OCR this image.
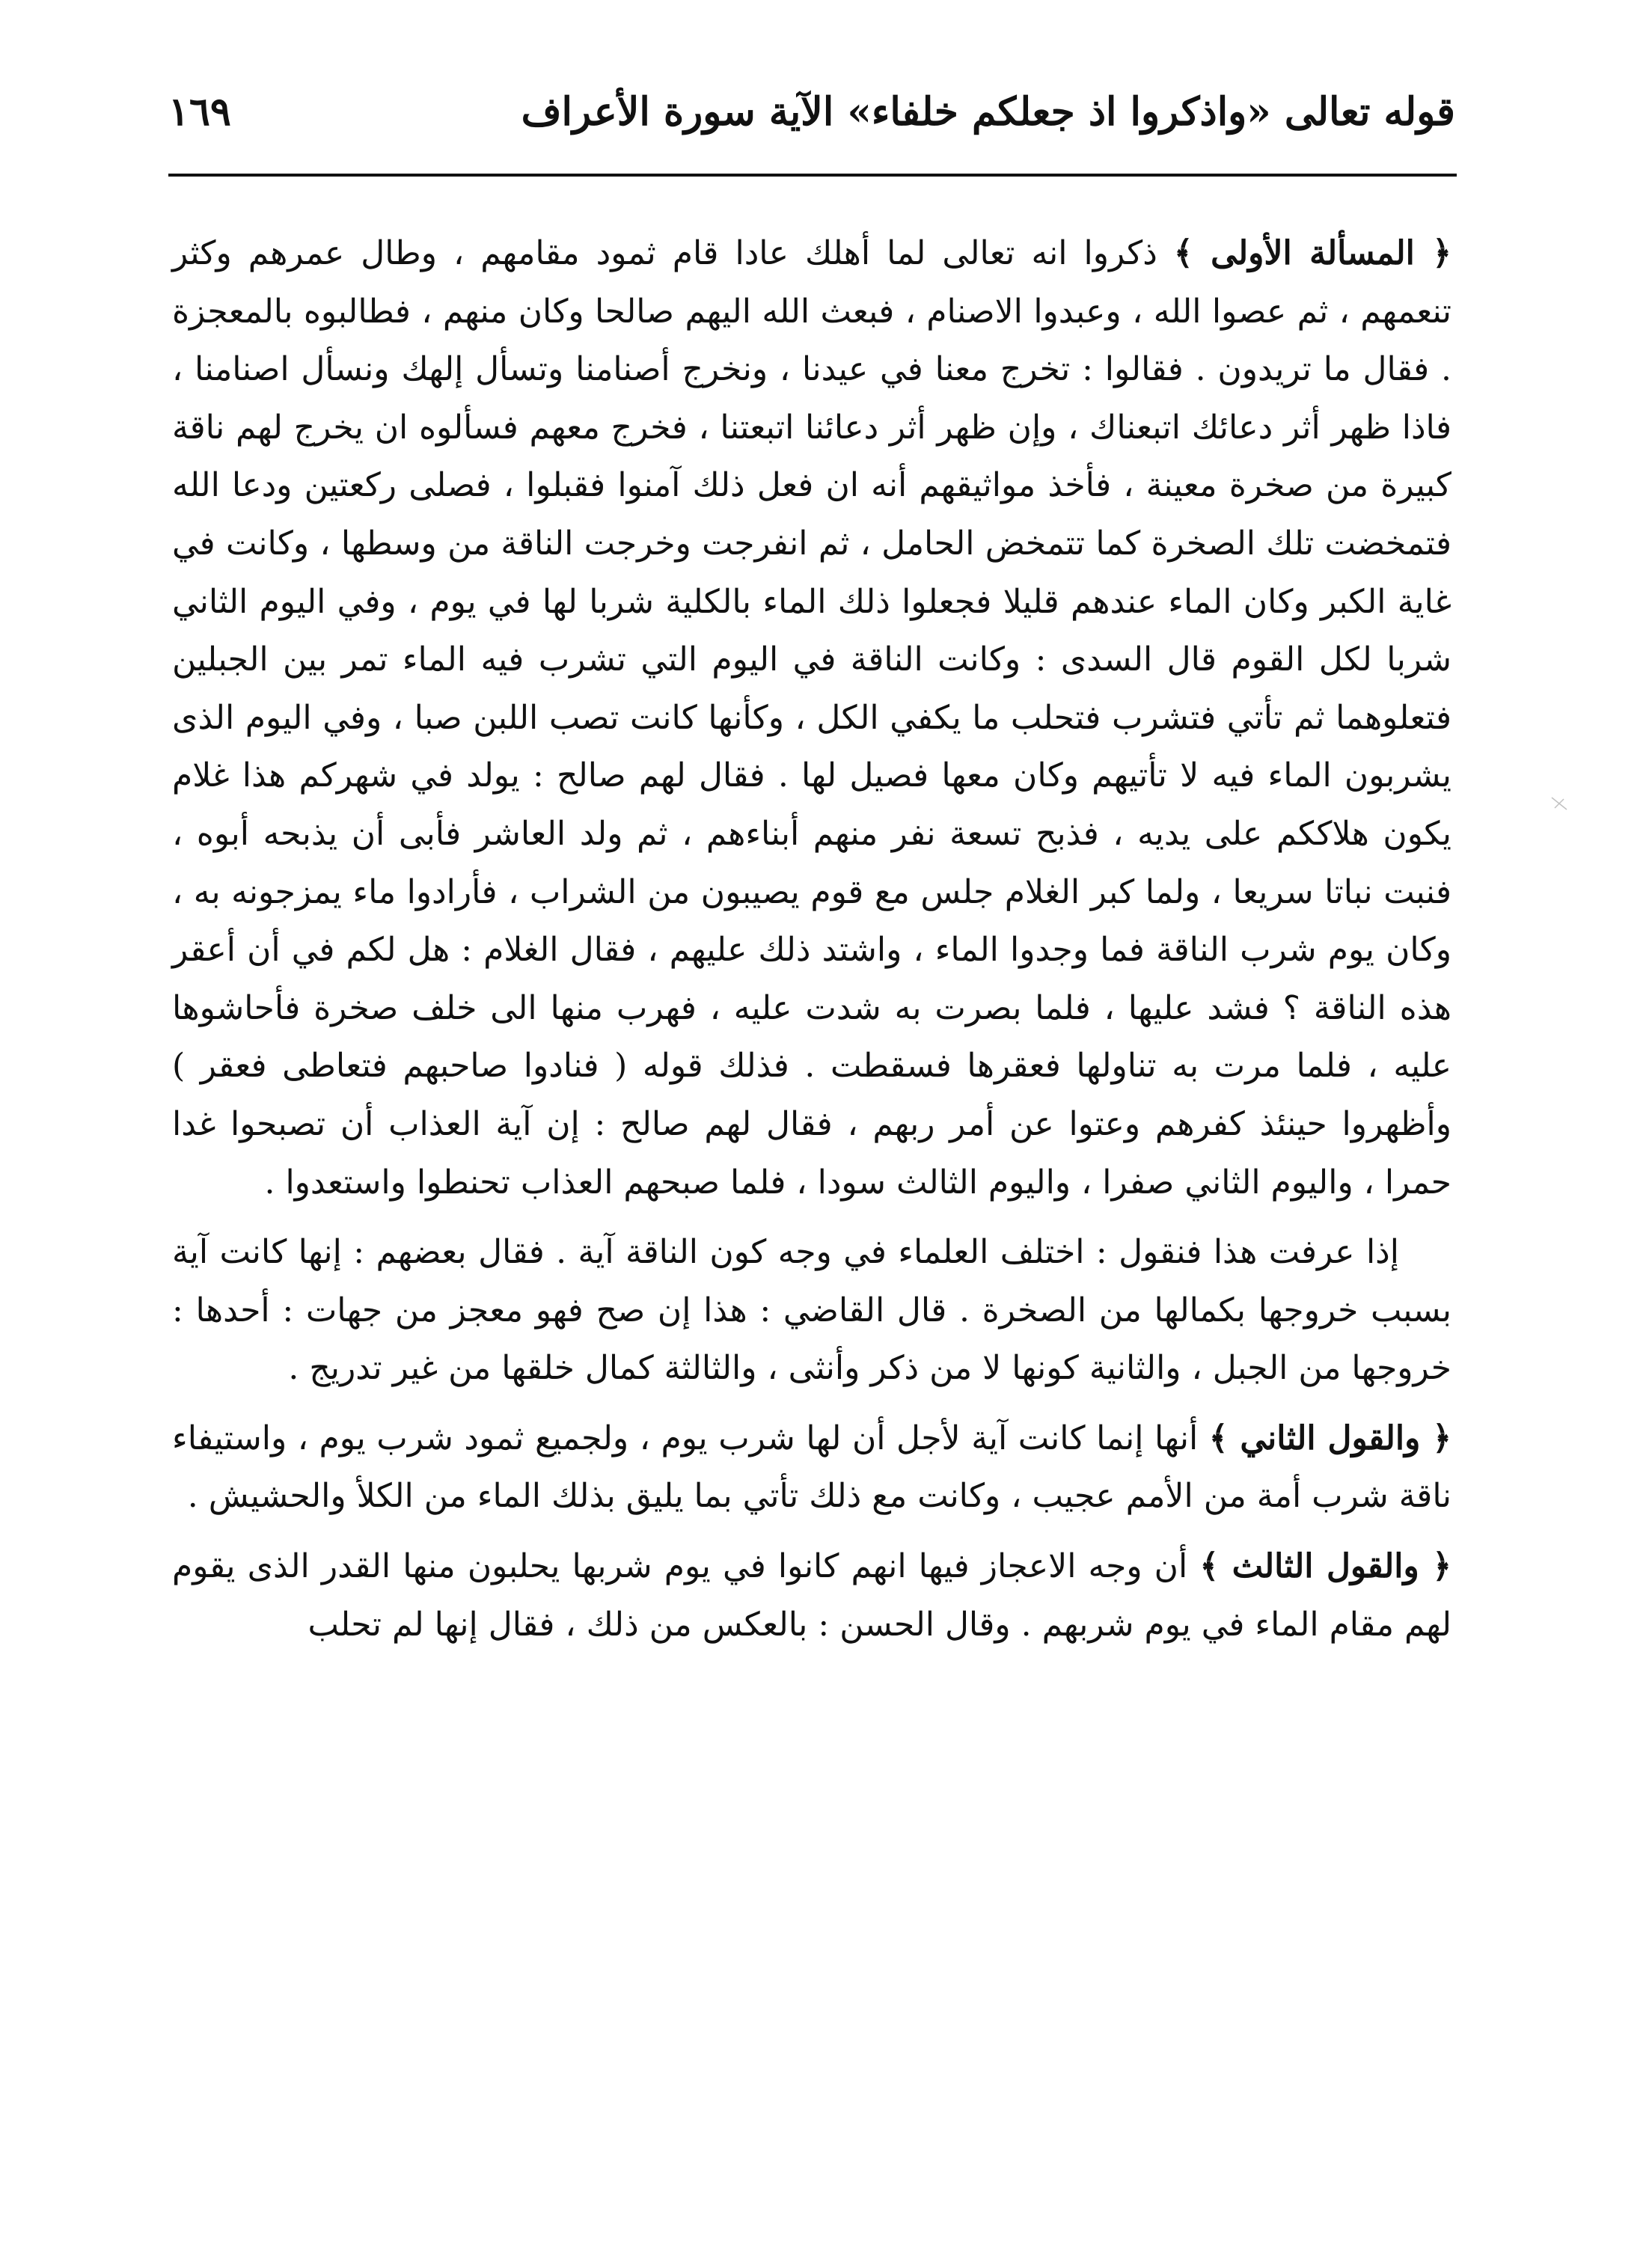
قوله تعالى «واذكروا اذ جعلكم خلفاء» الآية سورة الأعراف
١٦٩

﴿ المسألة الأولى ﴾ ذكروا انه تعالى لما أهلك عادا قام ثمود مقامهم ، وطال عمرهم وكثر تنعمهم ، ثم عصوا الله ، وعبدوا الاصنام ، فبعث الله اليهم صالحا وكان منهم ، فطالبوه بالمعجزة . فقال ما تريدون . فقالوا : تخرج معنا في عيدنا ، ونخرج أصنامنا وتسأل إلهك ونسأل اصنامنا ، فاذا ظهر أثر دعائك اتبعناك ، وإن ظهر أثر دعائنا اتبعتنا ، فخرج معهم فسألوه ان يخرج لهم ناقة كبيرة من صخرة معينة ، فأخذ مواثيقهم أنه ان فعل ذلك آمنوا فقبلوا ، فصلى ركعتين ودعا الله فتمخضت تلك الصخرة كما تتمخض الحامل ، ثم انفرجت وخرجت الناقة من وسطها ، وكانت في غاية الكبر وكان الماء عندهم قليلا فجعلوا ذلك الماء بالكلية شربا لها في يوم ، وفي اليوم الثاني شربا لكل القوم قال السدى : وكانت الناقة في اليوم التي تشرب فيه الماء تمر بين الجبلين فتعلوهما ثم تأتي فتشرب فتحلب ما يكفي الكل ، وكأنها كانت تصب اللبن صبا ، وفي اليوم الذى يشربون الماء فيه لا تأتيهم وكان معها فصيل لها . فقال لهم صالح : يولد في شهركم هذا غلام يكون هلاككم على يديه ، فذبح تسعة نفر منهم أبناءهم ، ثم ولد العاشر فأبى أن يذبحه أبوه ، فنبت نباتا سريعا ، ولما كبر الغلام جلس مع قوم يصيبون من الشراب ، فأرادوا ماء يمزجونه به ، وكان يوم شرب الناقة فما وجدوا الماء ، واشتد ذلك عليهم ، فقال الغلام : هل لكم في أن أعقر هذه الناقة ؟ فشد عليها ، فلما بصرت به شدت عليه ، فهرب منها الى خلف صخرة فأحاشوها عليه ، فلما مرت به تناولها فعقرها فسقطت . فذلك قوله ( فنادوا صاحبهم فتعاطى فعقر ) وأظهروا حينئذ كفرهم وعتوا عن أمر ربهم ، فقال لهم صالح : إن آية العذاب أن تصبحوا غدا حمرا ، واليوم الثاني صفرا ، واليوم الثالث سودا ، فلما صبحهم العذاب تحنطوا واستعدوا .

إذا عرفت هذا فنقول : اختلف العلماء في وجه كون الناقة آية . فقال بعضهم : إنها كانت آية بسبب خروجها بكمالها من الصخرة . قال القاضي : هذا إن صح فهو معجز من جهات : أحدها : خروجها من الجبل ، والثانية كونها لا من ذكر وأنثى ، والثالثة كمال خلقها من غير تدريج .

﴿ والقول الثاني ﴾ أنها إنما كانت آية لأجل أن لها شرب يوم ، ولجميع ثمود شرب يوم ، واستيفاء ناقة شرب أمة من الأمم عجيب ، وكانت مع ذلك تأتي بما يليق بذلك الماء من الكلأ والحشيش .

﴿ والقول الثالث ﴾ أن وجه الاعجاز فيها انهم كانوا في يوم شربها يحلبون منها القدر الذى يقوم لهم مقام الماء في يوم شربهم . وقال الحسن : بالعكس من ذلك ، فقال إنها لم تحلب
